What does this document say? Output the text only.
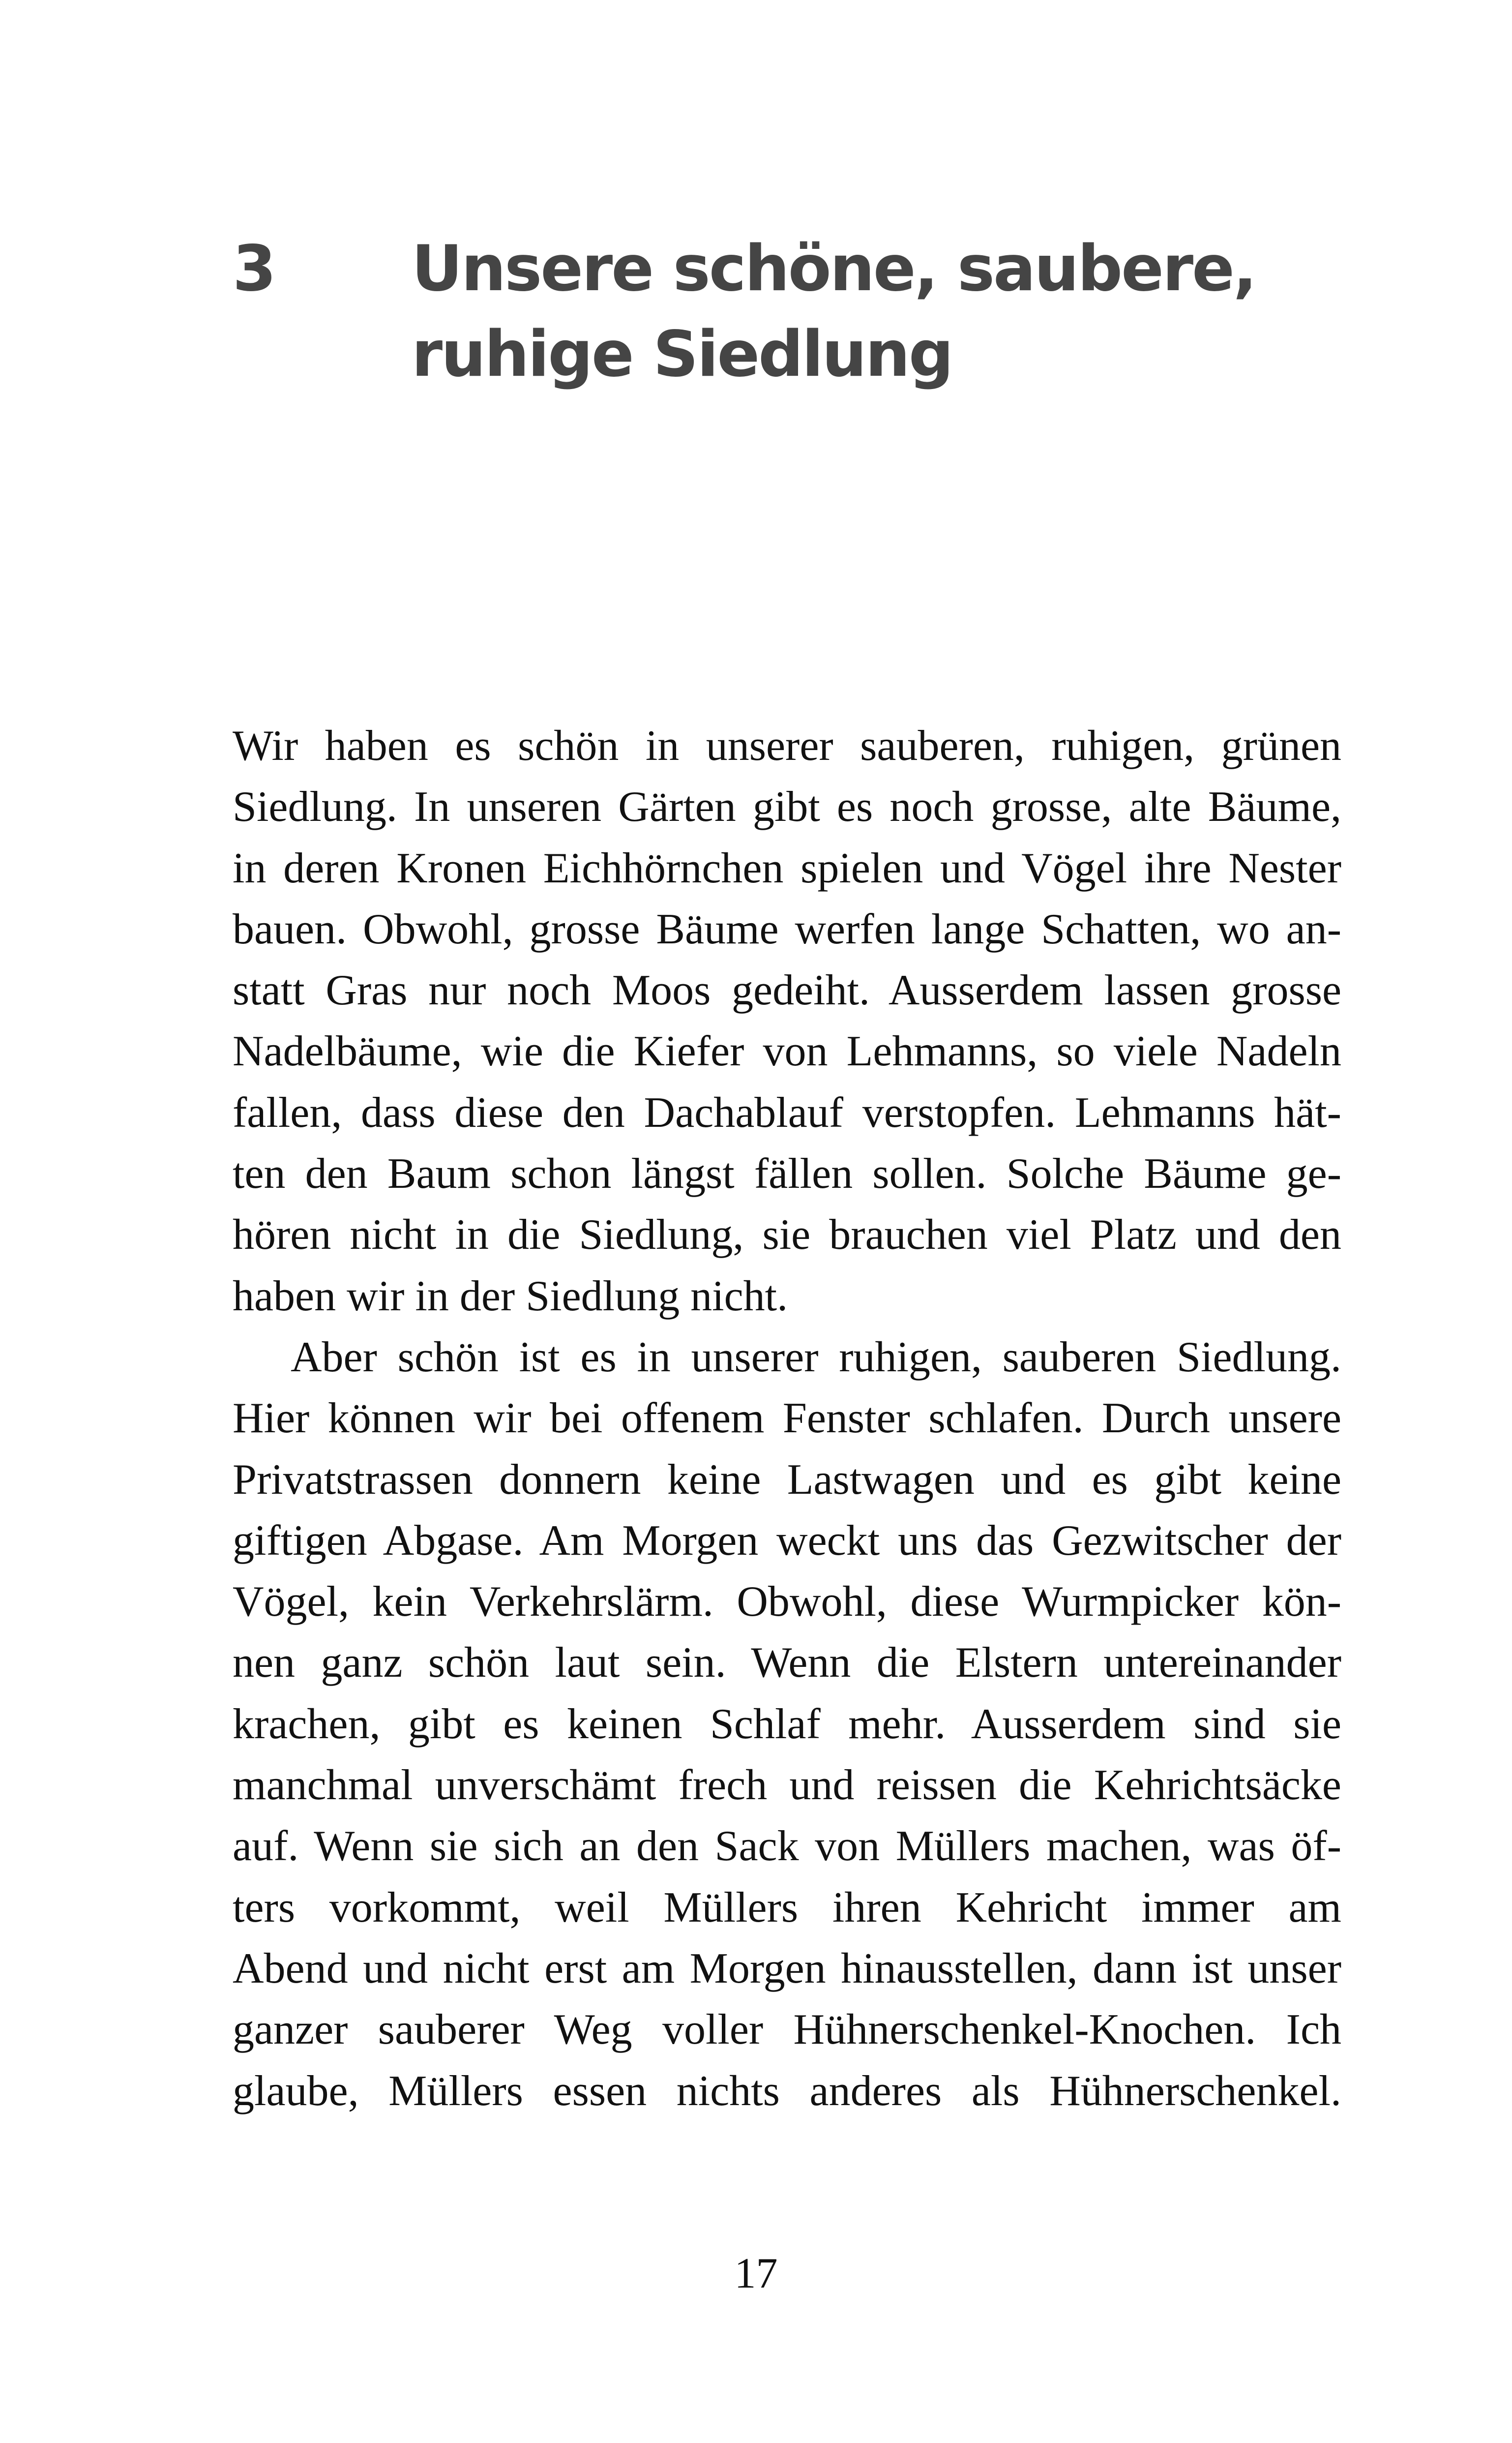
3 Unsere schöne, saubere,
ruhige Siedlung
Wir haben es schön in unserer sauberen, ruhigen, grünen
Siedlung. In unseren Gärten gibt es noch grosse, alte Bäume,
in deren Kronen Eichhörnchen spielen und Vögel ihre Nester
bauen. Obwohl, grosse Bäume werfen lange Schatten, wo an-
statt Gras nur noch Moos gedeiht. Ausserdem lassen grosse
Nadelbäume, wie die Kiefer von Lehmanns, so viele Nadeln
fallen, dass diese den Dachablauf verstopfen. Lehmanns hät-
ten den Baum schon längst fällen sollen. Solche Bäume ge-
hören nicht in die Siedlung, sie brauchen viel Platz und den
haben wir in der Siedlung nicht.
Aber schön ist es in unserer ruhigen, sauberen Siedlung.
Hier können wir bei offenem Fenster schlafen. Durch unsere
Privatstrassen donnern keine Lastwagen und es gibt keine
giftigen Abgase. Am Morgen weckt uns das Gezwitscher der
Vögel, kein Verkehrslärm. Obwohl, diese Wurmpicker kön-
nen ganz schön laut sein. Wenn die Elstern untereinander
krachen, gibt es keinen Schlaf mehr. Ausserdem sind sie
manchmal unverschämt frech und reissen die Kehrichtsäcke
auf. Wenn sie sich an den Sack von Müllers machen, was öf-
ters vorkommt, weil Müllers ihren Kehricht immer am
Abend und nicht erst am Morgen hinausstellen, dann ist unser
ganzer sauberer Weg voller Hühnerschenkel-Knochen. Ich
glaube, Müllers essen nichts anderes als Hühnerschenkel.
17
